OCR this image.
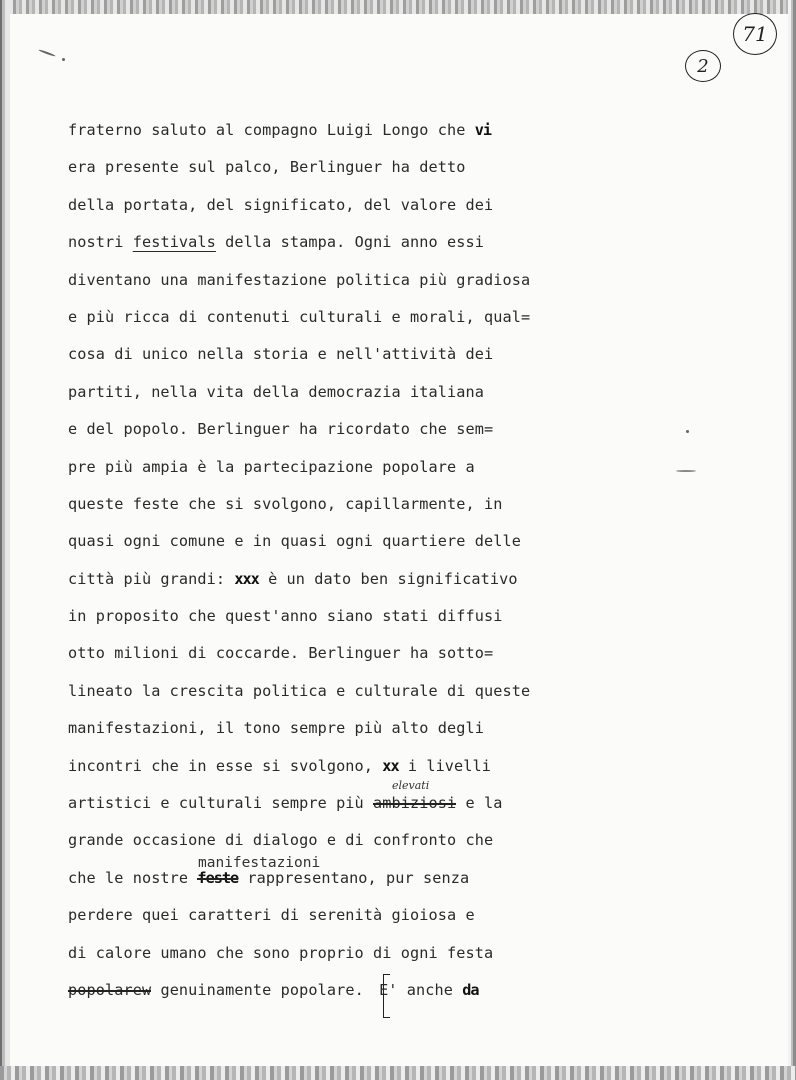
71
2
fraterno saluto al compagno Luigi Longo che vi
era presente sul palco, Berlinguer ha detto
della portata, del significato, del valore dei
nostri festivals della stampa. Ogni anno essi
diventano una manifestazione politica più gradiosa
e più ricca di contenuti culturali e morali, qual=
cosa di unico nella storia e nell'attività dei
partiti, nella vita della democrazia italiana
e del popolo. Berlinguer ha ricordato che sem=
pre più ampia è la partecipazione popolare a
queste feste che si svolgono, capillarmente, in
quasi ogni comune e in quasi ogni quartiere delle
città più grandi: xxx è un dato ben significativo
in proposito che quest'anno siano stati diffusi
otto milioni di coccarde. Berlinguer ha sotto=
lineato la crescita politica e culturale di queste
manifestazioni, il tono sempre più alto degli
incontri che in esse si svolgono, xx i livelli
artistici e culturali sempre più ambiziosi e la
grande occasione di dialogo e di confronto che
che le nostre feste rappresentano, pur senza
perdere quei caratteri di serenità gioiosa e
di calore umano che sono proprio di ogni festa
popolarew genuinamente popolare. E' anche da
manifestazioni
elevati
